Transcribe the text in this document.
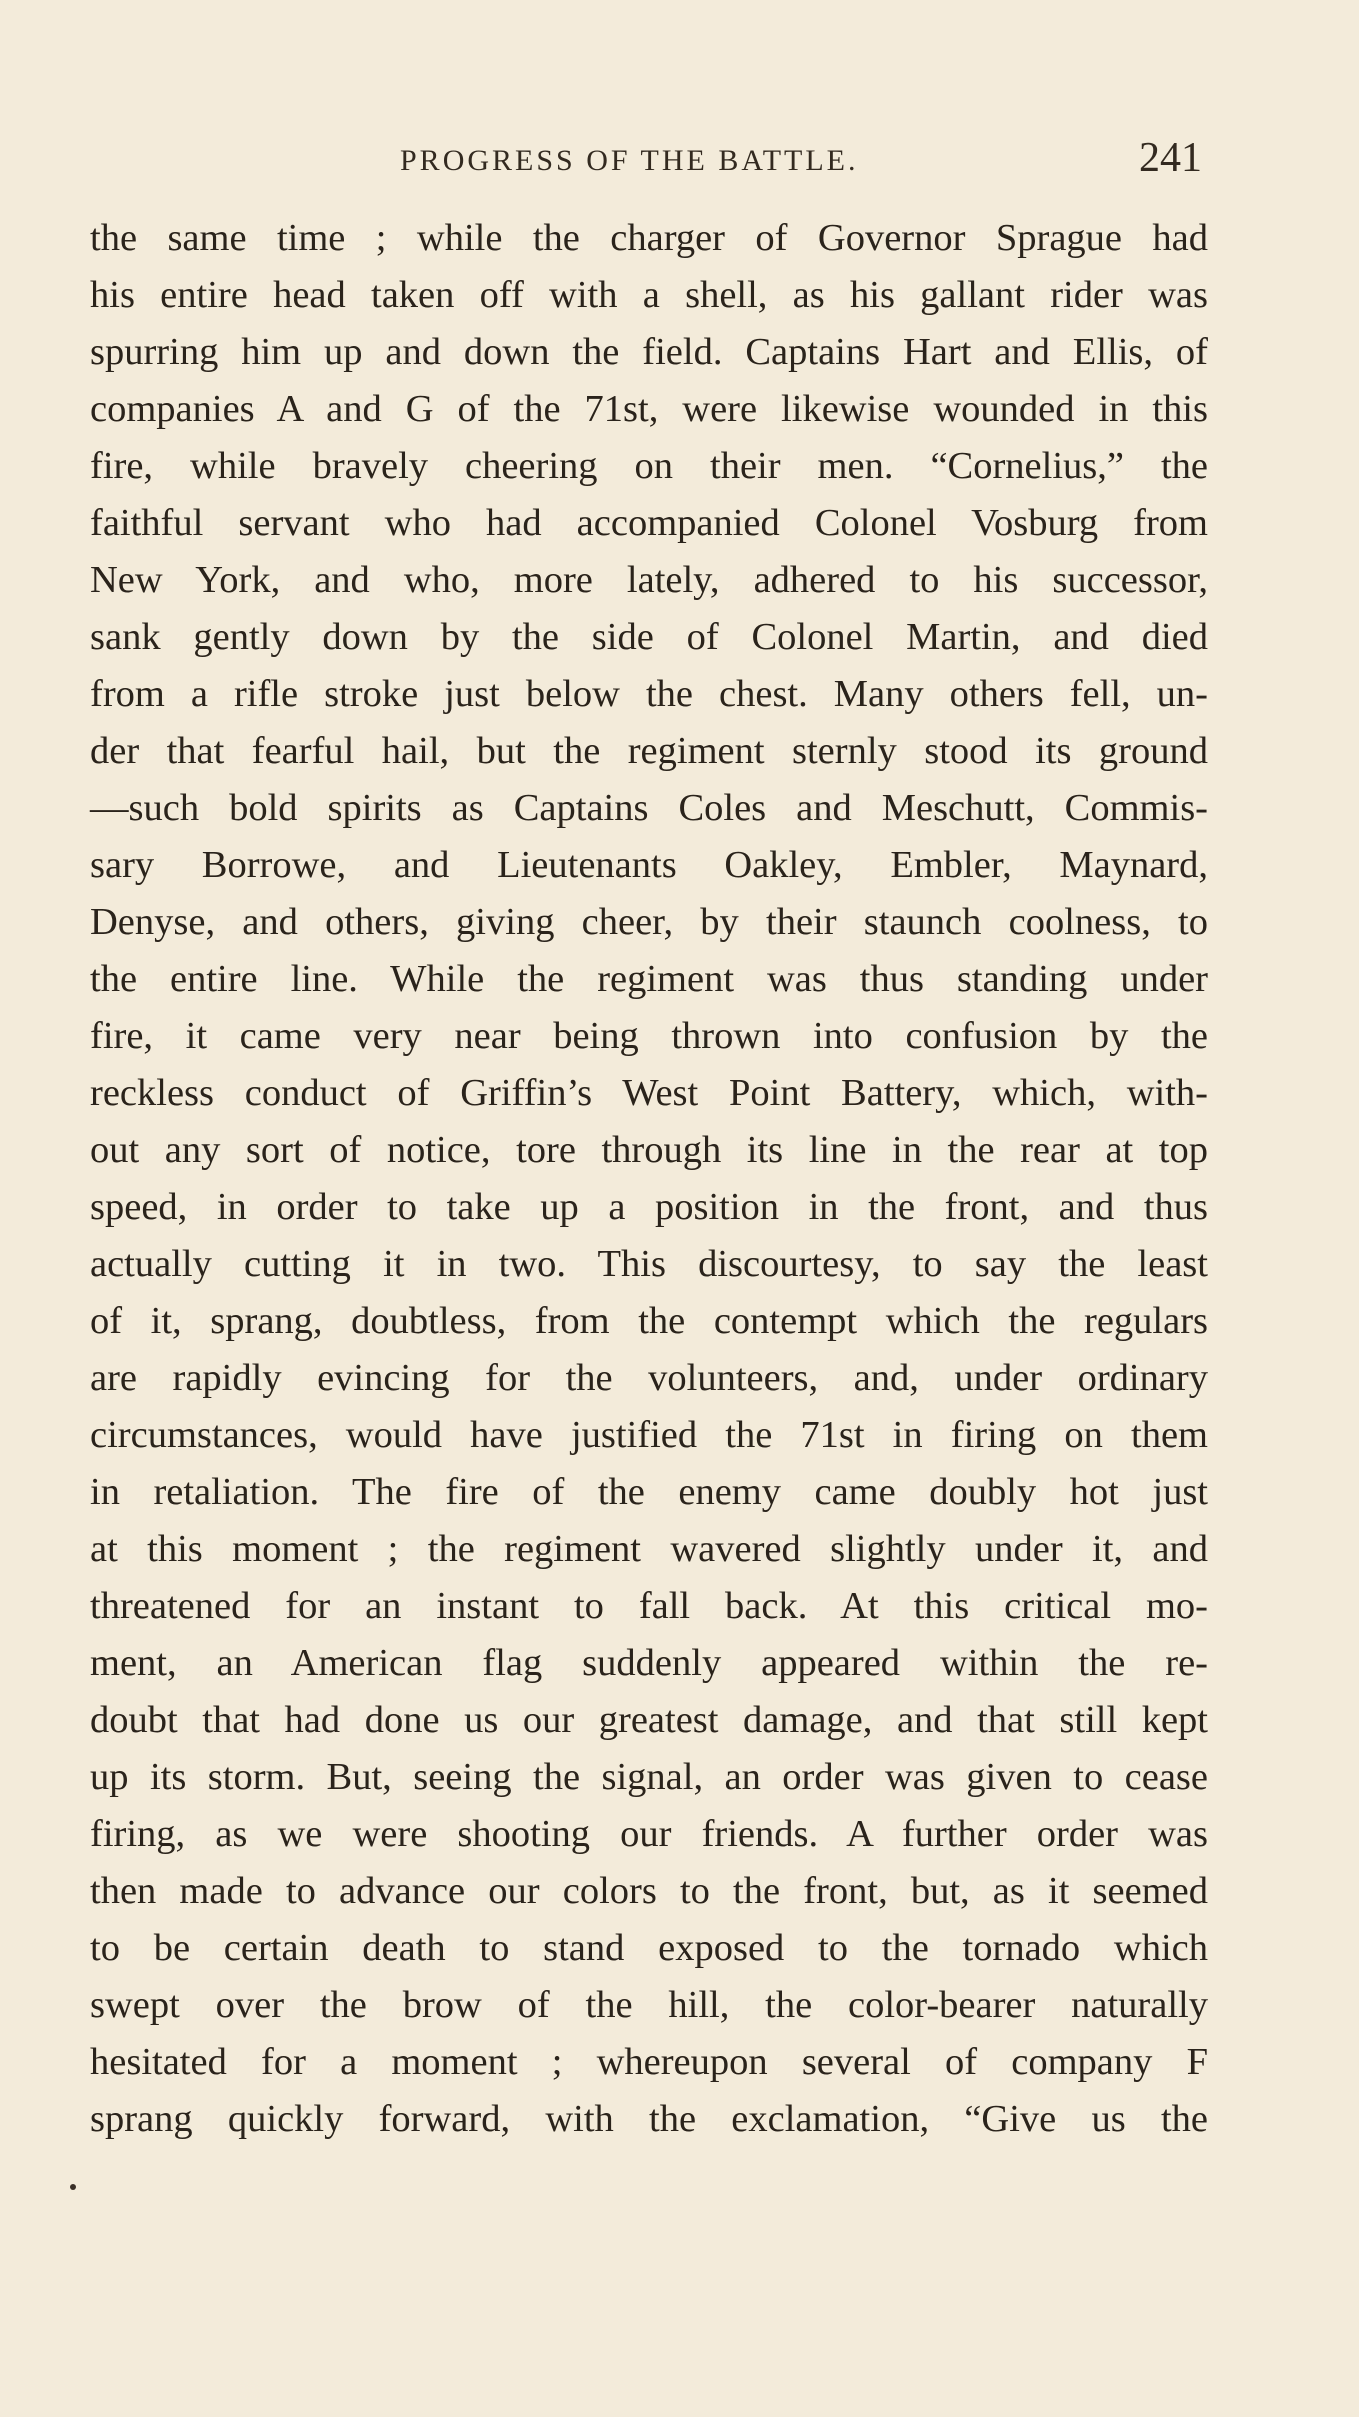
PROGRESS OF THE BATTLE.	241
the same time ; while the charger of Governor Sprague had
his entire head taken off with a shell, as his gallant rider was
spurring him up and down the field. Captains Hart and Ellis, of
companies A and G of the 71st, were likewise wounded in this
fire, while bravely cheering on their men. “Cornelius,” the
faithful servant who had accompanied Colonel Vosburg from
New York, and who, more lately, adhered to his successor,
sank gently down by the side of Colonel Martin, and died
from a rifle stroke just below the chest. Many others fell, un-
der that fearful hail, but the regiment sternly stood its ground
—such bold spirits as Captains Coles and Meschutt, Commis-
sary Borrowe, and Lieutenants Oakley, Embler, Maynard,
Denyse, and others, giving cheer, by their staunch coolness, to
the entire line. While the regiment was thus standing under
fire, it came very near being thrown into confusion by the
reckless conduct of Griffin’s West Point Battery, which, with-
out any sort of notice, tore through its line in the rear at top
speed, in order to take up a position in the front, and thus
actually cutting it in two. This discourtesy, to say the least
of it, sprang, doubtless, from the contempt which the regulars
are rapidly evincing for the volunteers, and, under ordinary
circumstances, would have justified the 71st in firing on them
in retaliation. The fire of the enemy came doubly hot just
at this moment ; the regiment wavered slightly under it, and
threatened for an instant to fall back. At this critical mo-
ment, an American flag suddenly appeared within the re-
doubt that had done us our greatest damage, and that still kept
up its storm. But, seeing the signal, an order was given to cease
firing, as we were shooting our friends. A further order was
then made to advance our colors to the front, but, as it seemed
to be certain death to stand exposed to the tornado which
swept over the brow of the hill, the color-bearer naturally
hesitated for a moment ; whereupon several of company F
sprang quickly forward, with the exclamation, “Give us the
